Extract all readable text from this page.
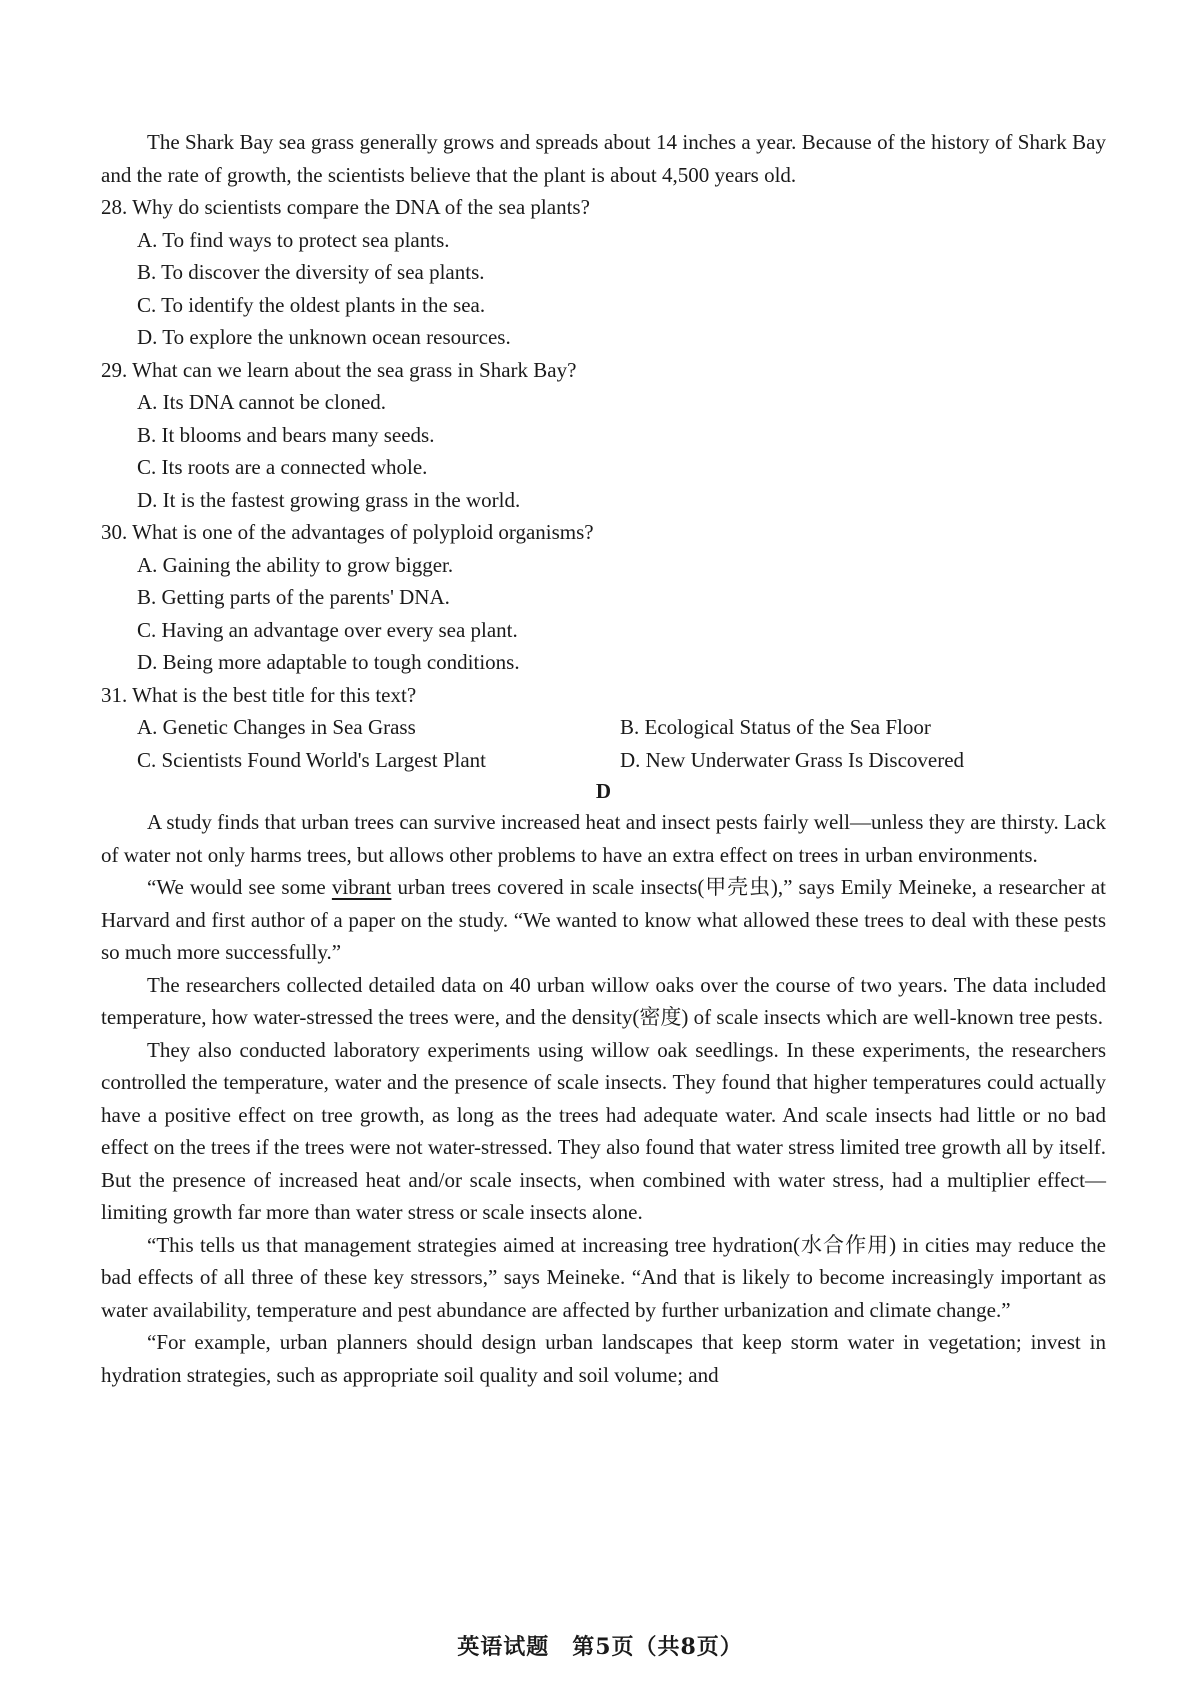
The Shark Bay sea grass generally grows and spreads about 14 inches a year. Because of the history of Shark Bay and the rate of growth, the scientists believe that the plant is about 4,500 years old.

28. Why do scientists compare the DNA of the sea plants?

A. To find ways to protect sea plants.

B. To discover the diversity of sea plants.

C. To identify the oldest plants in the sea.

D. To explore the unknown ocean resources.

29. What can we learn about the sea grass in Shark Bay?

A. Its DNA cannot be cloned.

B. It blooms and bears many seeds.

C. Its roots are a connected whole.

D. It is the fastest growing grass in the world.

30. What is one of the advantages of polyploid organisms?

A. Gaining the ability to grow bigger.

B. Getting parts of the parents' DNA.

C. Having an advantage over every sea plant.

D. Being more adaptable to tough conditions.

31. What is the best title for this text?

A. Genetic Changes in Sea Grass	B. Ecological Status of the Sea Floor

C. Scientists Found World's Largest Plant	D. New Underwater Grass Is Discovered

D

A study finds that urban trees can survive increased heat and insect pests fairly well—unless they are thirsty. Lack of water not only harms trees, but allows other problems to have an extra effect on trees in urban environments.

“We would see some vibrant urban trees covered in scale insects(甲壳虫),” says Emily Meineke, a researcher at Harvard and first author of a paper on the study. “We wanted to know what allowed these trees to deal with these pests so much more successfully.”

The researchers collected detailed data on 40 urban willow oaks over the course of two years. The data included temperature, how water-stressed the trees were, and the density(密度) of scale insects which are well-known tree pests.

They also conducted laboratory experiments using willow oak seedlings. In these experiments, the researchers controlled the temperature, water and the presence of scale insects. They found that higher temperatures could actually have a positive effect on tree growth, as long as the trees had adequate water. And scale insects had little or no bad effect on the trees if the trees were not water-stressed. They also found that water stress limited tree growth all by itself. But the presence of increased heat and/or scale insects, when combined with water stress, had a multiplier effect—limiting growth far more than water stress or scale insects alone.

“This tells us that management strategies aimed at increasing tree hydration(水合作用) in cities may reduce the bad effects of all three of these key stressors,” says Meineke. “And that is likely to become increasingly important as water availability, temperature and pest abundance are affected by further urbanization and climate change.”

“For example, urban planners should design urban landscapes that keep storm water in vegetation; invest in hydration strategies, such as appropriate soil quality and soil volume; and

英语试题　第5页（共8页）
